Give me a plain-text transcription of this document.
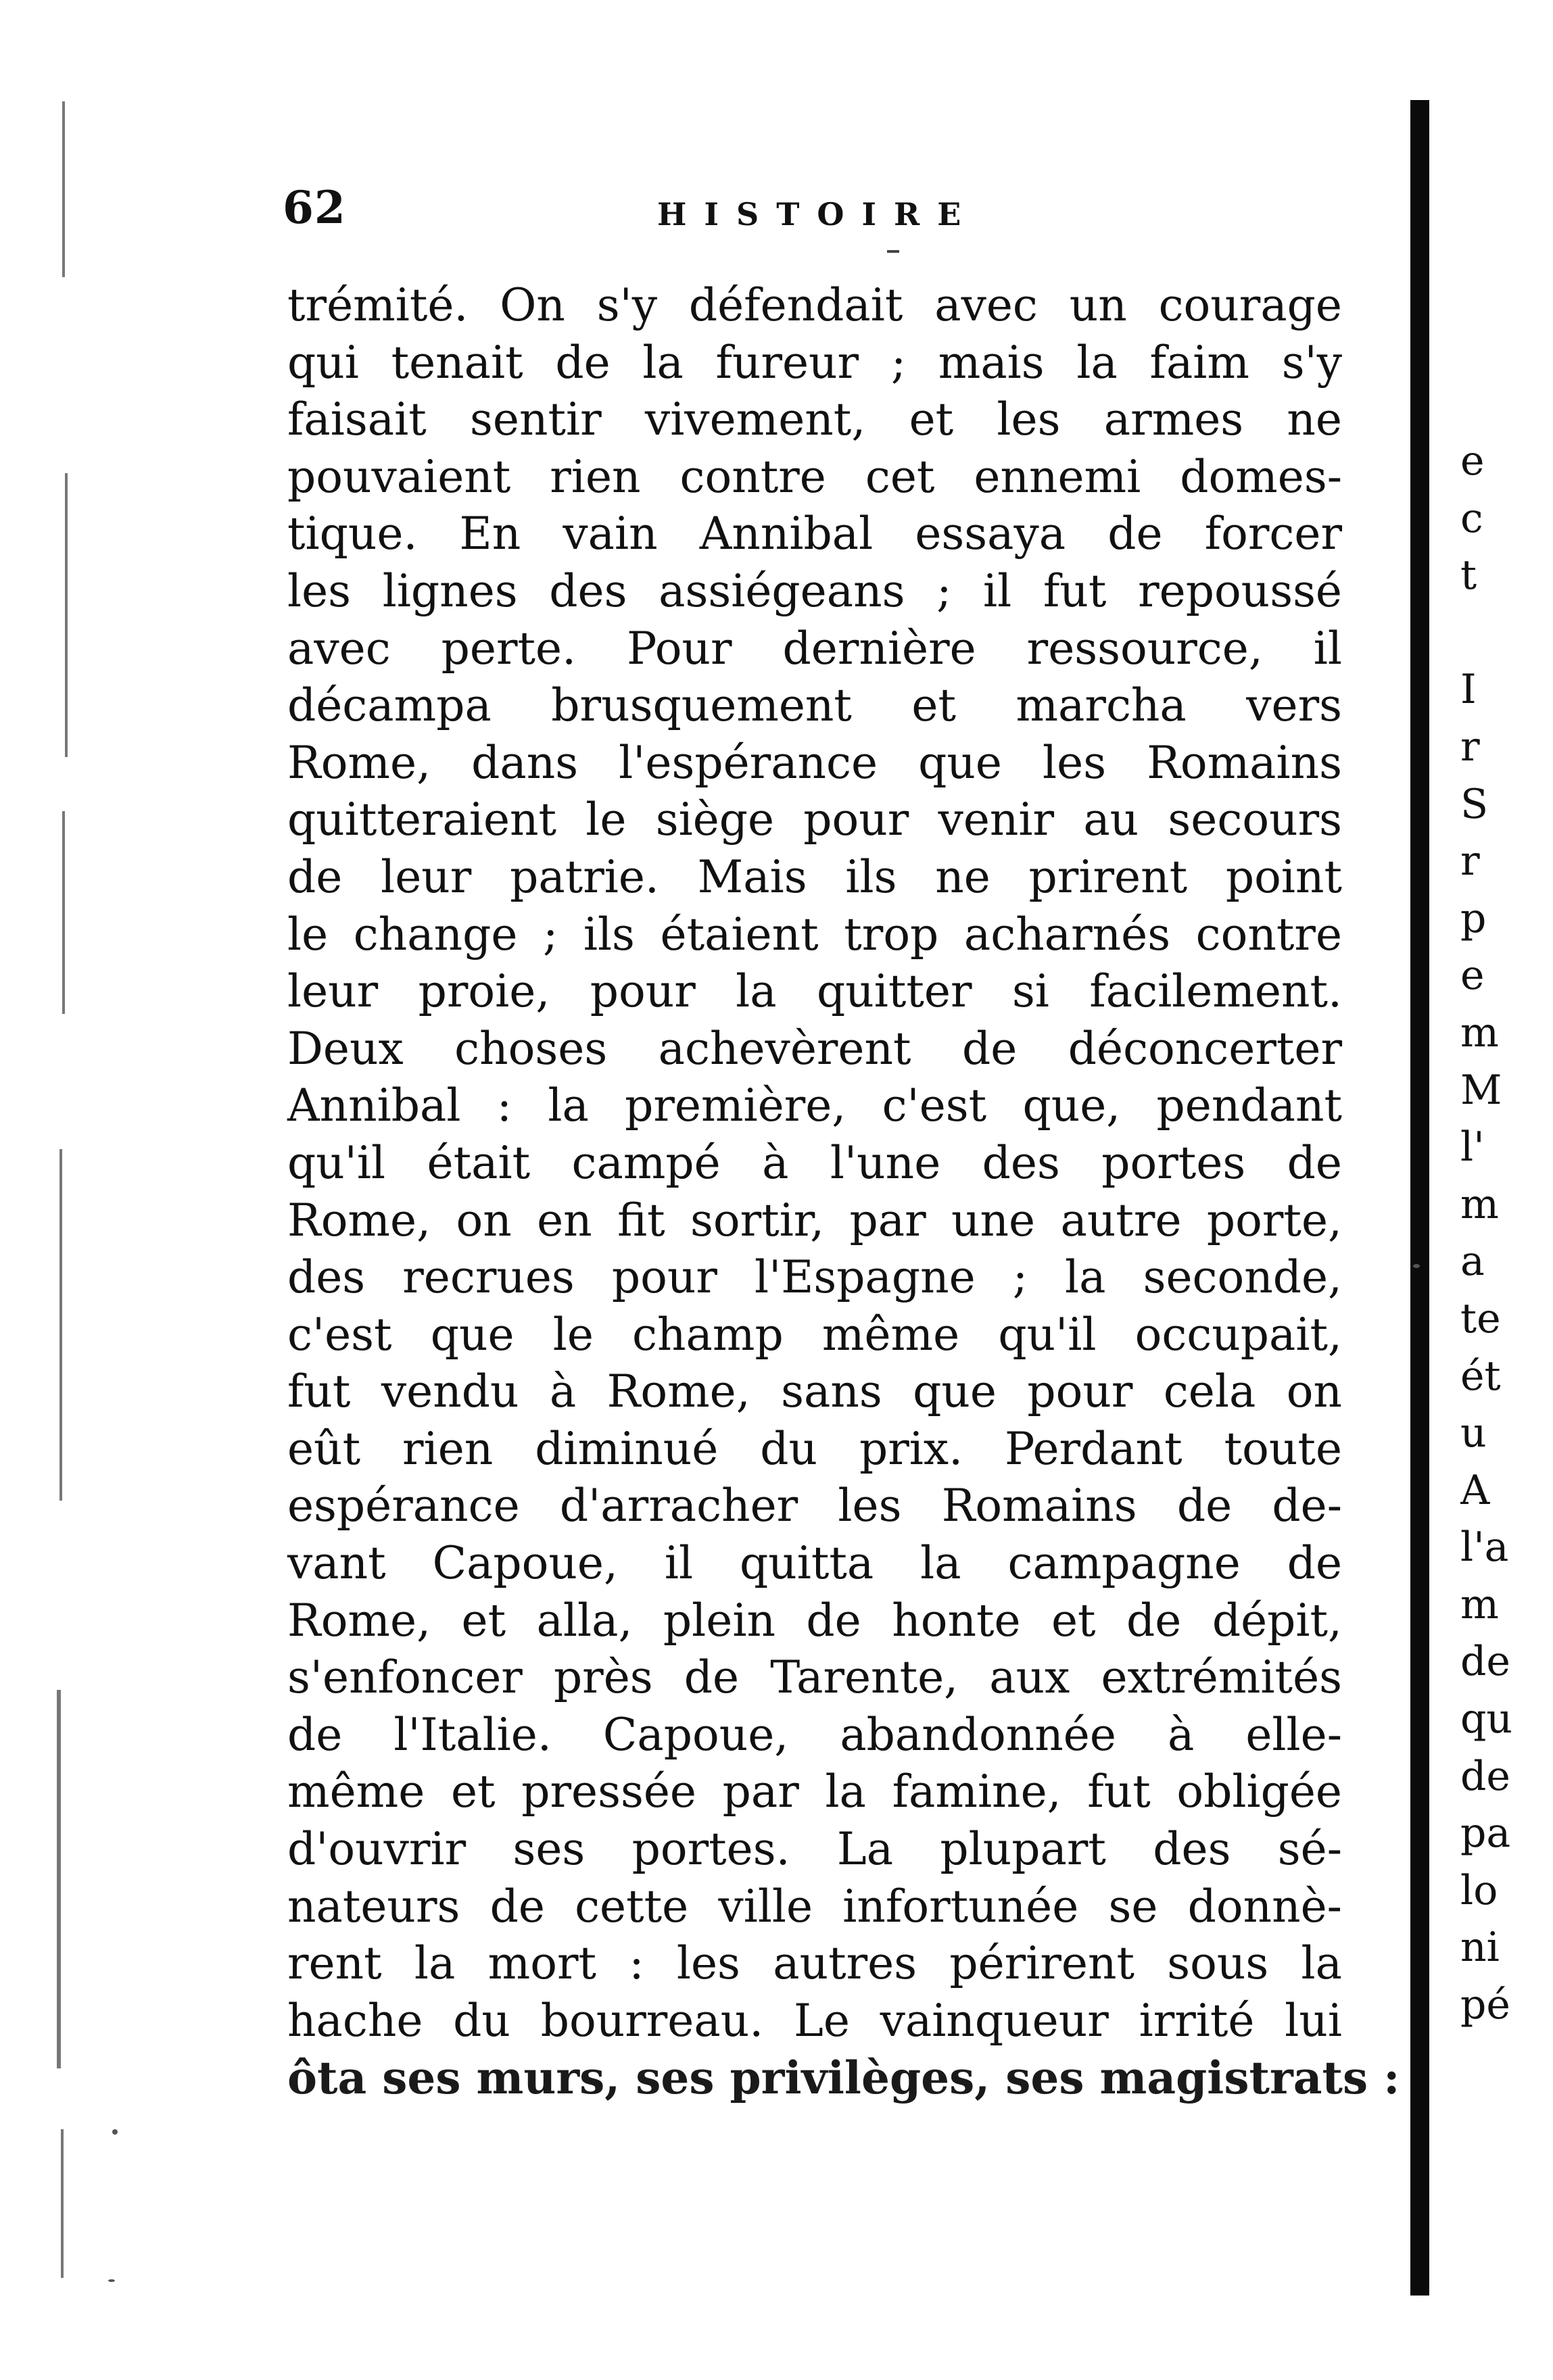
62	HISTOIRE
trémité. On s'y défendait avec un courage
qui tenait de la fureur ; mais la faim s'y
faisait sentir vivement, et les armes ne
pouvaient rien contre cet ennemi domes-
tique. En vain Annibal essaya de forcer
les lignes des assiégeans ; il fut repoussé
avec perte. Pour dernière ressource, il
décampa brusquement et marcha vers
Rome, dans l'espérance que les Romains
quitteraient le siège pour venir au secours
de leur patrie. Mais ils ne prirent point
le change ; ils étaient trop acharnés contre
leur proie, pour la quitter si facilement.
Deux choses achevèrent de déconcerter
Annibal : la première, c'est que, pendant
qu'il était campé à l'une des portes de
Rome, on en fit sortir, par une autre porte,
des recrues pour l'Espagne ; la seconde,
c'est que le champ même qu'il occupait,
fut vendu à Rome, sans que pour cela on
eût rien diminué du prix. Perdant toute
espérance d'arracher les Romains de de-
vant Capoue, il quitta la campagne de
Rome, et alla, plein de honte et de dépit,
s'enfoncer près de Tarente, aux extrémités
de l'Italie. Capoue, abandonnée à elle-
même et pressée par la famine, fut obligée
d'ouvrir ses portes. La plupart des sé-
nateurs de cette ville infortunée se donnè-
rent la mort : les autres périrent sous la
hache du bourreau. Le vainqueur irrité lui
ôta ses murs, ses privilèges, ses magistrats :
e
c
t
I
r
S
r
p
e
m
M
l'
m
a
te
ét
u
A
l'a
m
de
qu
de
pa
lo
ni
pé
